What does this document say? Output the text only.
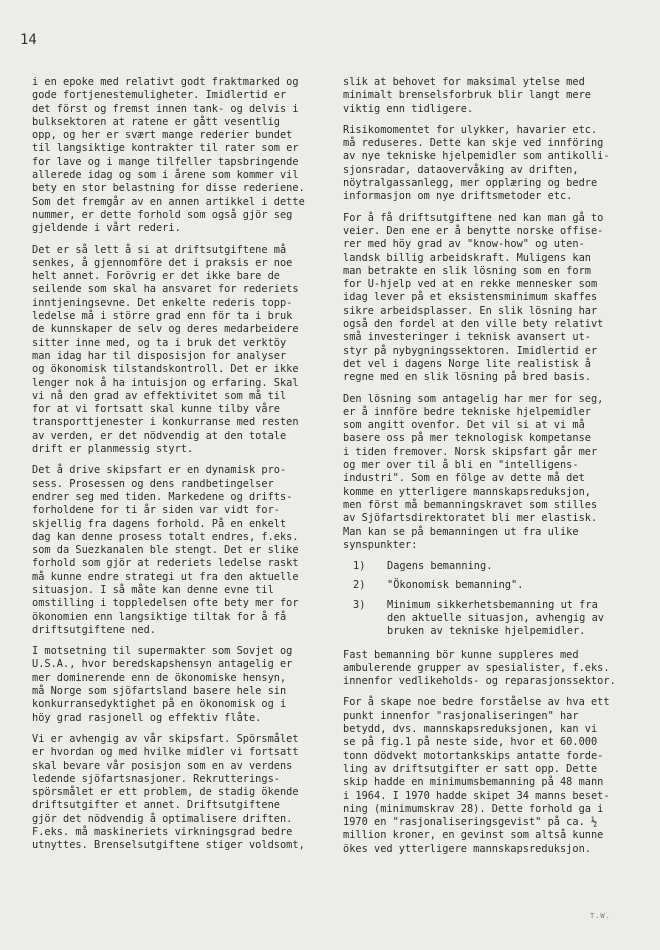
14

i en epoke med relativt godt fraktmarked og
gode fortjenestemuligheter. Imidlertid er
det först og fremst innen tank- og delvis i
bulksektoren at ratene er gått vesentlig
opp, og her er svært mange rederier bundet
til langsiktige kontrakter til rater som er
for lave og i mange tilfeller tapsbringende
allerede idag og som i årene som kommer vil
bety en stor belastning for disse rederiene.
Som det fremgår av en annen artikkel i dette
nummer, er dette forhold som også gjör seg
gjeldende i vårt rederi.

Det er så lett å si at driftsutgiftene må
senkes, å gjennomföre det i praksis er noe
helt annet. Forövrig er det ikke bare de
seilende som skal ha ansvaret for rederiets
inntjeningsevne. Det enkelte rederis topp-
ledelse må i större grad enn för ta i bruk
de kunnskaper de selv og deres medarbeidere
sitter inne med, og ta i bruk det verktöy
man idag har til disposisjon for analyser
og ökonomisk tilstandskontroll. Det er ikke
lenger nok å ha intuisjon og erfaring. Skal
vi nå den grad av effektivitet som må til
for at vi fortsatt skal kunne tilby våre
transporttjenester i konkurranse med resten
av verden, er det nödvendig at den totale
drift er planmessig styrt.

Det å drive skipsfart er en dynamisk pro-
sess. Prosessen og dens randbetingelser
endrer seg med tiden. Markedene og drifts-
forholdene for ti år siden var vidt for-
skjellig fra dagens forhold. På en enkelt
dag kan denne prosess totalt endres, f.eks.
som da Suezkanalen ble stengt. Det er slike
forhold som gjör at rederiets ledelse raskt
må kunne endre strategi ut fra den aktuelle
situasjon. I så måte kan denne evne til
omstilling i toppledelsen ofte bety mer for
ökonomien enn langsiktige tiltak for å få
driftsutgiftene ned.

I motsetning til supermakter som Sovjet og
U.S.A., hvor beredskapshensyn antagelig er
mer dominerende enn de ökonomiske hensyn,
må Norge som sjöfartsland basere hele sin
konkurransedyktighet på en ökonomisk og i
höy grad rasjonell og effektiv flåte.

Vi er avhengig av vår skipsfart. Spörsmålet
er hvordan og med hvilke midler vi fortsatt
skal bevare vår posisjon som en av verdens
ledende sjöfartsnasjoner. Rekrutterings-
spörsmålet er ett problem, de stadig ökende
driftsutgifter et annet. Driftsutgiftene
gjör det nödvendig å optimalisere driften.
F.eks. må maskineriets virkningsgrad bedre
utnyttes. Brenselsutgiftene stiger voldsomt,

slik at behovet for maksimal ytelse med
minimalt brenselsforbruk blir langt mere
viktig enn tidligere.

Risikomomentet for ulykker, havarier etc.
må reduseres. Dette kan skje ved innföring
av nye tekniske hjelpemidler som antikolli-
sjonsradar, dataovervåking av driften,
nöytralgassanlegg, mer opplæring og bedre
informasjon om nye driftsmetoder etc.

For å få driftsutgiftene ned kan man gå to
veier. Den ene er å benytte norske offise-
rer med höy grad av "know-how" og uten-
landsk billig arbeidskraft. Muligens kan
man betrakte en slik lösning som en form
for U-hjelp ved at en rekke mennesker som
idag lever på et eksistensminimum skaffes
sikre arbeidsplasser. En slik lösning har
også den fordel at den ville bety relativt
små investeringer i teknisk avansert ut-
styr på nybygningssektoren. Imidlertid er
det vel i dagens Norge lite realistisk å
regne med en slik lösning på bred basis.

Den lösning som antagelig har mer for seg,
er å innföre bedre tekniske hjelpemidler
som angitt ovenfor. Det vil si at vi må
basere oss på mer teknologisk kompetanse
i tiden fremover. Norsk skipsfart går mer
og mer over til å bli en "intelligens-
industri". Som en fölge av dette må det
komme en ytterligere mannskapsreduksjon,
men först må bemanningskravet som stilles
av Sjöfartsdirektoratet bli mer elastisk.
Man kan se på bemanningen ut fra ulike
synspunkter:

1)	Dagens bemanning.
2)	"Ökonomisk bemanning".
3)	Minimum sikkerhetsbemanning ut fra
den aktuelle situasjon, avhengig av
bruken av tekniske hjelpemidler.

Fast bemanning bör kunne suppleres med
ambulerende grupper av spesialister, f.eks.
innenfor vedlikeholds- og reparasjonssektor.

For å skape noe bedre forståelse av hva ett
punkt innenfor "rasjonaliseringen" har
betydd, dvs. mannskapsreduksjonen, kan vi
se på fig.1 på neste side, hvor et 60.000
tonn dödvekt motortankskips antatte forde-
ling av driftsutgifter er satt opp. Dette
skip hadde en minimumsbemanning på 48 mann
i 1964. I 1970 hadde skipet 34 manns beset-
ning (minimumskrav 28). Dette forhold ga i
1970 en "rasjonaliseringsgevist" på ca. ½
million kroner, en gevinst som altså kunne
ökes ved ytterligere mannskapsreduksjon.

T.W.
